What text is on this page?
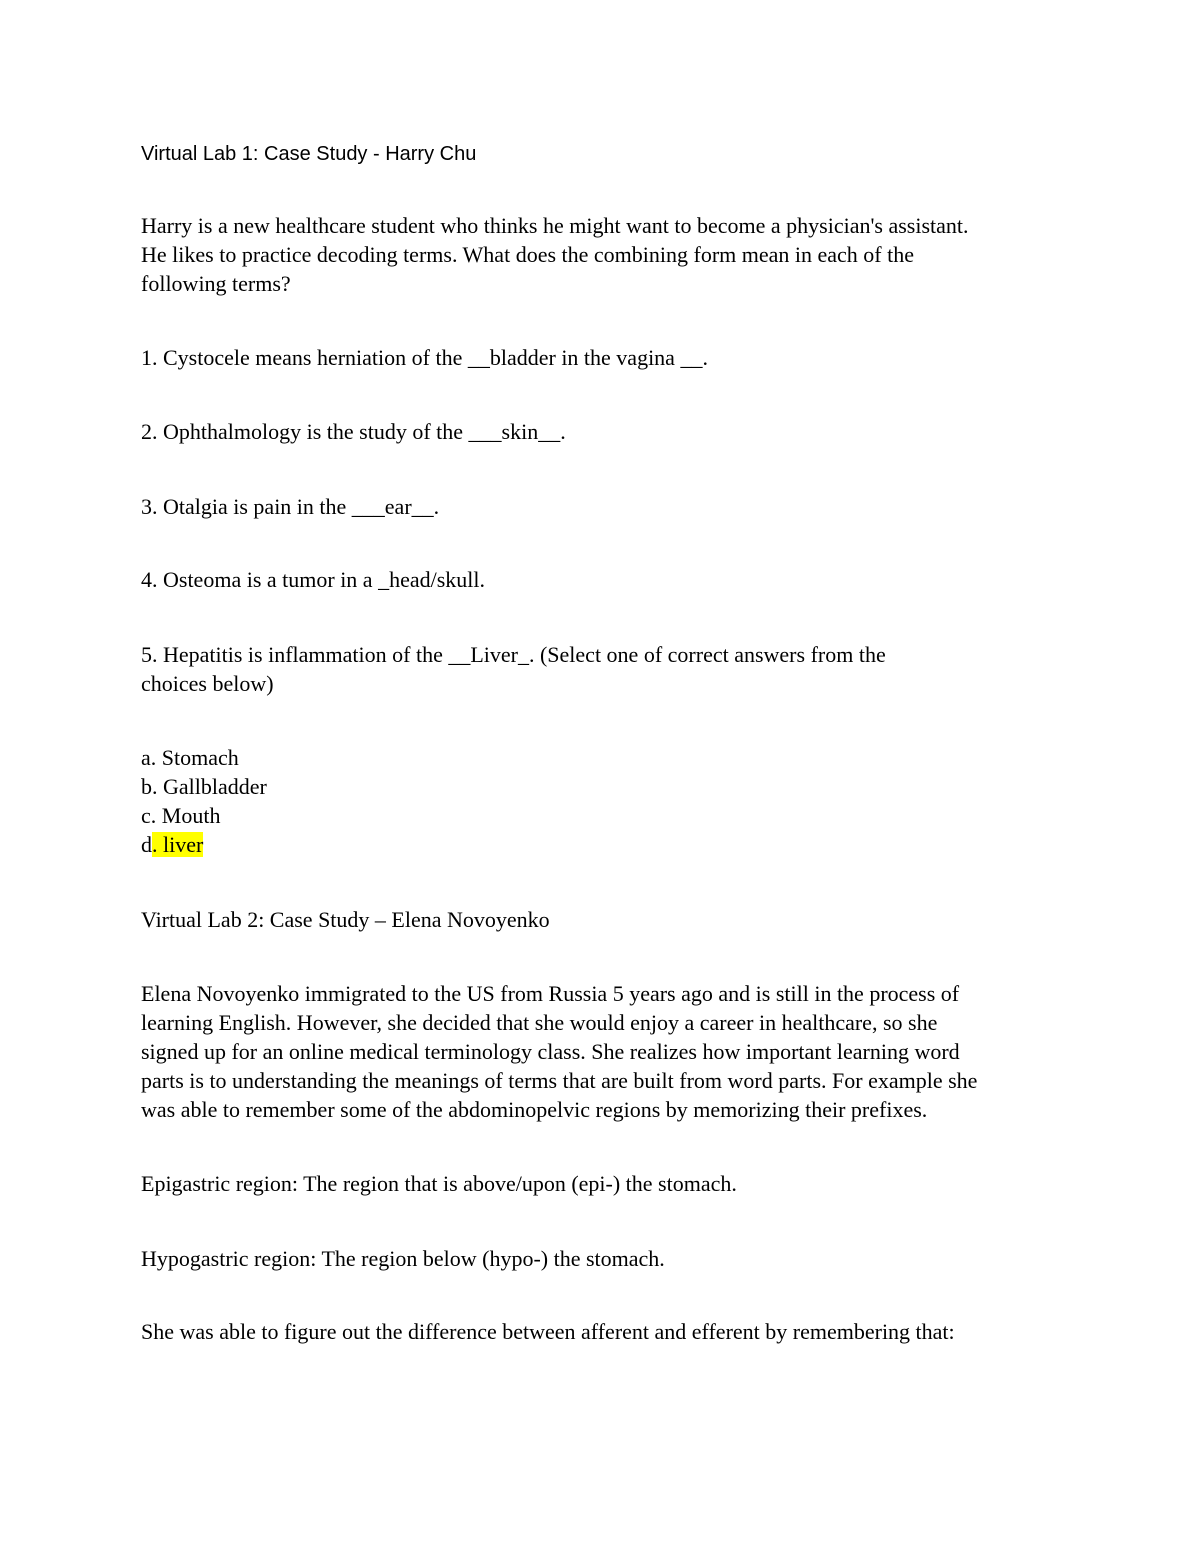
Virtual Lab 1: Case Study - Harry Chu
Harry is a new healthcare student who thinks he might want to become a physician's assistant.
He likes to practice decoding terms. What does the combining form mean in each of the
following terms?
1. Cystocele means herniation of the __bladder in the vagina __.
2. Ophthalmology is the study of the ___skin__.
3. Otalgia is pain in the ___ear__.
4. Osteoma is a tumor in a _head/skull.
5. Hepatitis is inflammation of the __Liver_. (Select one of correct answers from the
choices below)
a. Stomach
b. Gallbladder
c. Mouth
d. liver
Virtual Lab 2: Case Study – Elena Novoyenko
Elena Novoyenko immigrated to the US from Russia 5 years ago and is still in the process of
learning English. However, she decided that she would enjoy a career in healthcare, so she
signed up for an online medical terminology class. She realizes how important learning word
parts is to understanding the meanings of terms that are built from word parts. For example she
was able to remember some of the abdominopelvic regions by memorizing their prefixes.
Epigastric region: The region that is above/upon (epi-) the stomach.
Hypogastric region: The region below (hypo-) the stomach.
She was able to figure out the difference between afferent and efferent by remembering that:
